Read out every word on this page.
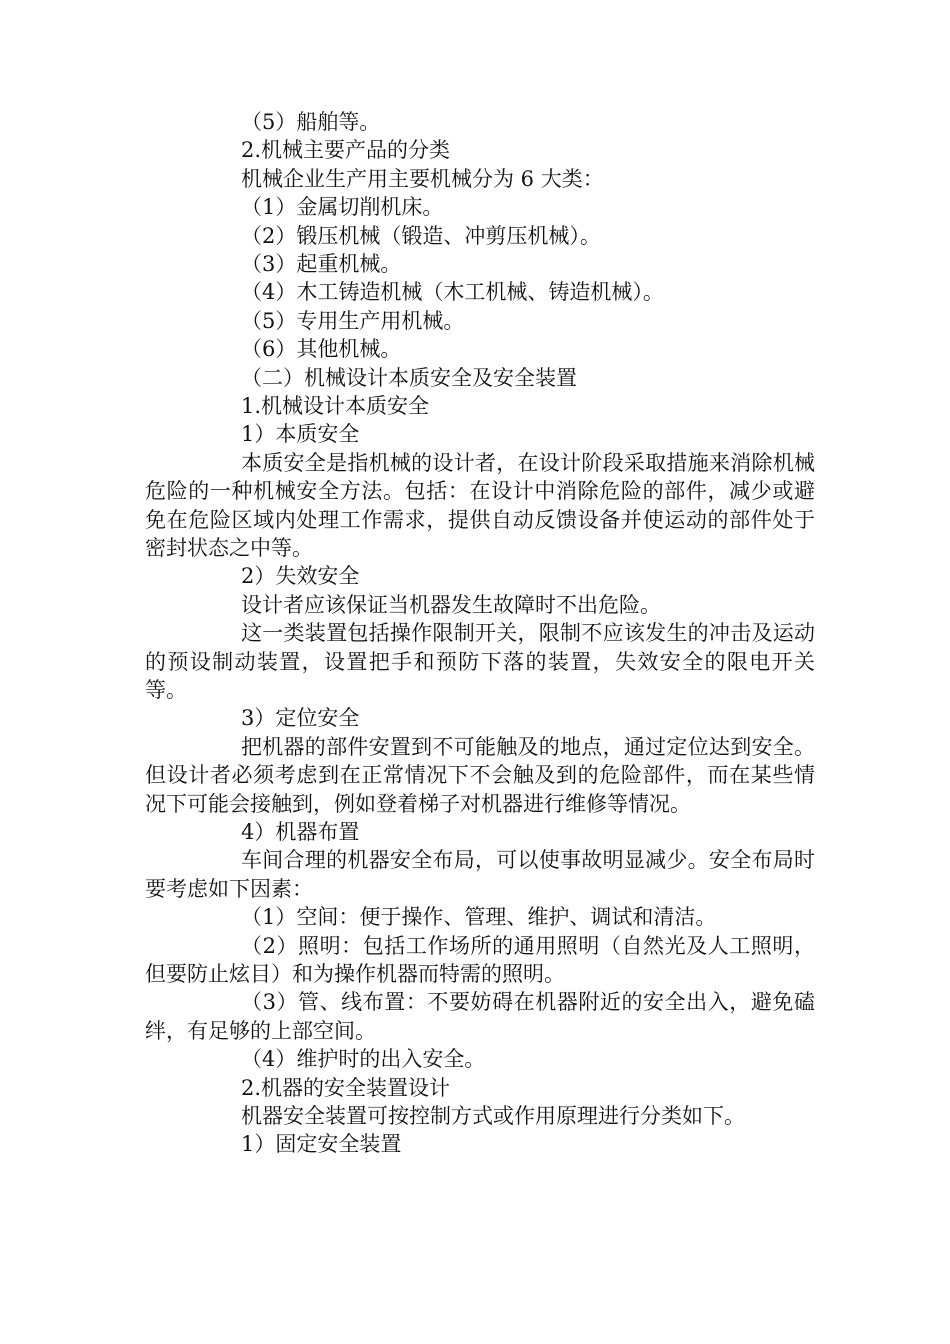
（5）船舶等。
2.机械主要产品的分类
机械企业生产用主要机械分为 6 大类：
（1）金属切削机床。
（2）锻压机械（锻造、冲剪压机械）。
（3）起重机械。
（4）木工铸造机械（木工机械、铸造机械）。
（5）专用生产用机械。
（6）其他机械。
（二）机械设计本质安全及安全装置
1.机械设计本质安全
1）本质安全
本质安全是指机械的设计者，在设计阶段采取措施来消除机械危险的一种机械安全方法。包括：在设计中消除危险的部件，减少或避免在危险区域内处理工作需求，提供自动反馈设备并使运动的部件处于密封状态之中等。
2）失效安全
设计者应该保证当机器发生故障时不出危险。
这一类装置包括操作限制开关，限制不应该发生的冲击及运动的预设制动装置，设置把手和预防下落的装置，失效安全的限电开关等。
3）定位安全
把机器的部件安置到不可能触及的地点，通过定位达到安全。但设计者必须考虑到在正常情况下不会触及到的危险部件，而在某些情况下可能会接触到，例如登着梯子对机器进行维修等情况。
4）机器布置
车间合理的机器安全布局，可以使事故明显减少。安全布局时要考虑如下因素：
（1）空间：便于操作、管理、维护、调试和清洁。
（2）照明：包括工作场所的通用照明（自然光及人工照明，但要防止炫目）和为操作机器而特需的照明。
（3）管、线布置：不要妨碍在机器附近的安全出入，避免磕绊，有足够的上部空间。
（4）维护时的出入安全。
2.机器的安全装置设计
机器安全装置可按控制方式或作用原理进行分类如下。
1）固定安全装置
